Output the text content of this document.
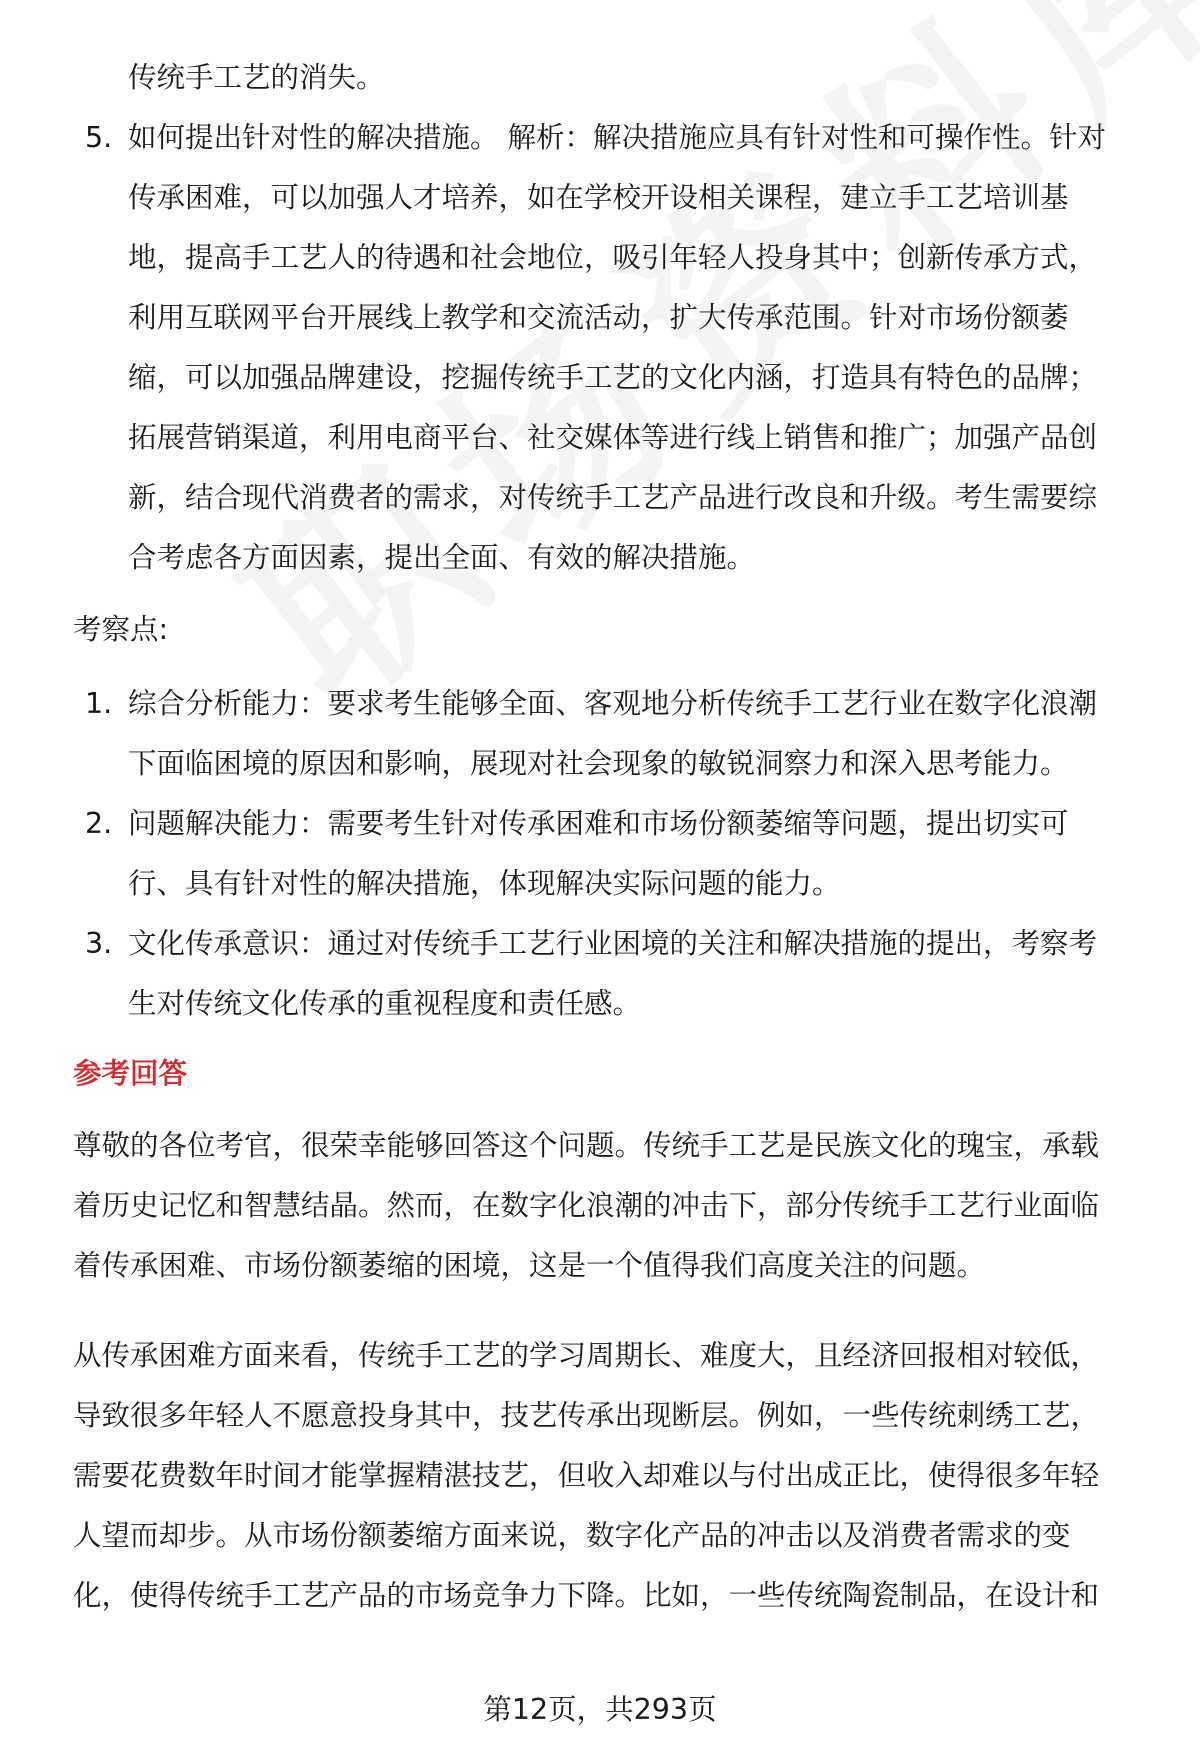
传统手工艺的消失。
5. 如何提出针对性的解决措施。 解析：解决措施应具有针对性和可操作性。针对
传承困难，可以加强人才培养，如在学校开设相关课程，建立手工艺培训基
地，提高手工艺人的待遇和社会地位，吸引年轻人投身其中；创新传承方式，
利用互联网平台开展线上教学和交流活动，扩大传承范围。针对市场份额萎
缩，可以加强品牌建设，挖掘传统手工艺的文化内涵，打造具有特色的品牌；
拓展营销渠道，利用电商平台、社交媒体等进行线上销售和推广；加强产品创
新，结合现代消费者的需求，对传统手工艺产品进行改良和升级。考生需要综
合考虑各方面因素，提出全面、有效的解决措施。
考察点:
1. 综合分析能力：要求考生能够全面、客观地分析传统手工艺行业在数字化浪潮
下面临困境的原因和影响，展现对社会现象的敏锐洞察力和深入思考能力。
2. 问题解决能力：需要考生针对传承困难和市场份额萎缩等问题，提出切实可
行、具有针对性的解决措施，体现解决实际问题的能力。
3. 文化传承意识：通过对传统手工艺行业困境的关注和解决措施的提出，考察考
生对传统文化传承的重视程度和责任感。
参考回答
尊敬的各位考官，很荣幸能够回答这个问题。传统手工艺是民族文化的瑰宝，承载
着历史记忆和智慧结晶。然而，在数字化浪潮的冲击下，部分传统手工艺行业面临
着传承困难、市场份额萎缩的困境，这是一个值得我们高度关注的问题。
从传承困难方面来看，传统手工艺的学习周期长、难度大，且经济回报相对较低，
导致很多年轻人不愿意投身其中，技艺传承出现断层。例如，一些传统刺绣工艺，
需要花费数年时间才能掌握精湛技艺，但收入却难以与付出成正比，使得很多年轻
人望而却步。从市场份额萎缩方面来说，数字化产品的冲击以及消费者需求的变
化，使得传统手工艺产品的市场竞争力下降。比如，一些传统陶瓷制品，在设计和
第12页，共293页
